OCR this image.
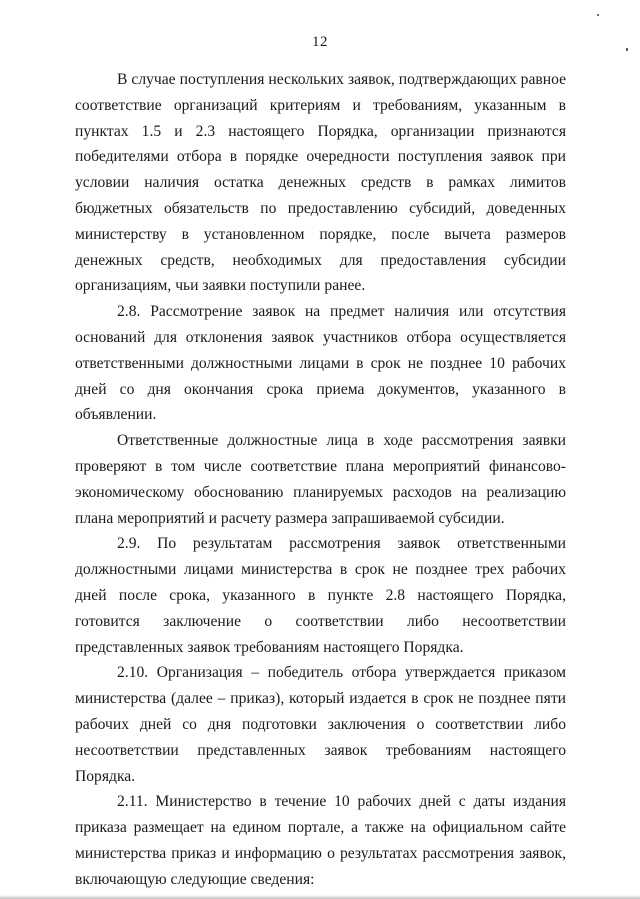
12

В случае поступления нескольких заявок, подтверждающих равное соответствие организаций критериям и требованиям, указанным в пунктах 1.5 и 2.3 настоящего Порядка, организации признаются победителями отбора в порядке очередности поступления заявок при условии наличия остатка денежных средств в рамках лимитов бюджетных обязательств по предоставлению субсидий, доведенных министерству в установленном порядке, после вычета размеров денежных средств, необходимых для предоставления субсидии организациям, чьи заявки поступили ранее.

2.8. Рассмотрение заявок на предмет наличия или отсутствия оснований для отклонения заявок участников отбора осуществляется ответственными должностными лицами в срок не позднее 10 рабочих дней со дня окончания срока приема документов, указанного в объявлении.

Ответственные должностные лица в ходе рассмотрения заявки проверяют в том числе соответствие плана мероприятий финансово-экономическому обоснованию планируемых расходов на реализацию плана мероприятий и расчету размера запрашиваемой субсидии.

2.9. По результатам рассмотрения заявок ответственными должностными лицами министерства в срок не позднее трех рабочих дней после срока, указанного в пункте 2.8 настоящего Порядка, готовится заключение о соответствии либо несоответствии представленных заявок требованиям настоящего Порядка.

2.10. Организация – победитель отбора утверждается приказом министерства (далее – приказ), который издается в срок не позднее пяти рабочих дней со дня подготовки заключения о соответствии либо несоответствии представленных заявок требованиям настоящего Порядка.

2.11. Министерство в течение 10 рабочих дней с даты издания приказа размещает на едином портале, а также на официальном сайте министерства приказ и информацию о результатах рассмотрения заявок, включающую следующие сведения:
